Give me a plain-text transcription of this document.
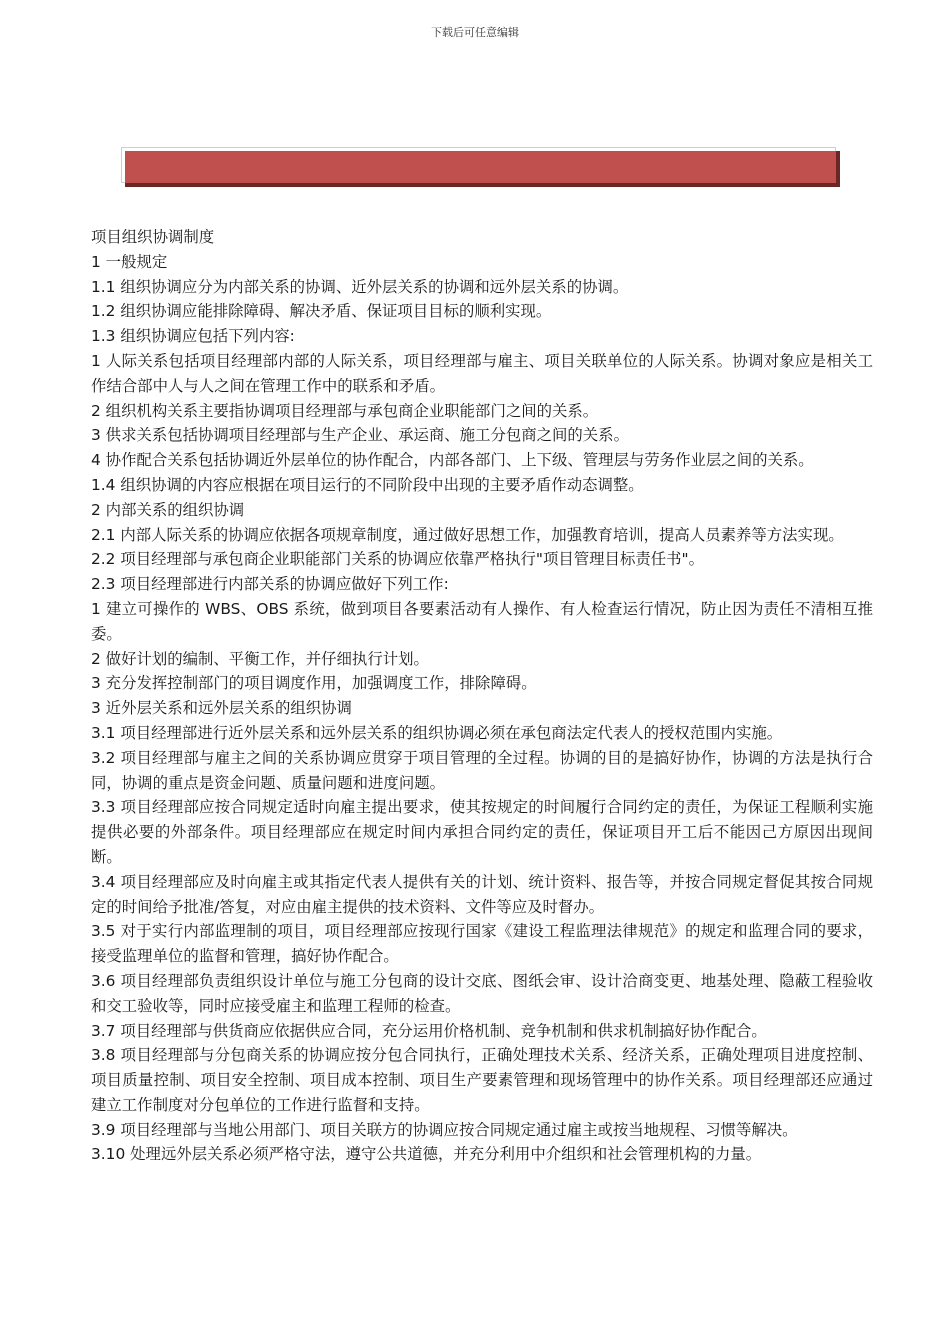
下载后可任意编辑

项目组织协调制度

1 一般规定

1.1 组织协调应分为内部关系的协调、近外层关系的协调和远外层关系的协调。

1.2 组织协调应能排除障碍、解决矛盾、保证项目目标的顺利实现。

1.3 组织协调应包括下列内容:

1 人际关系包括项目经理部内部的人际关系，项目经理部与雇主、项目关联单位的人际关系。协调对象应是相关工作结合部中人与人之间在管理工作中的联系和矛盾。

2 组织机构关系主要指协调项目经理部与承包商企业职能部门之间的关系。

3 供求关系包括协调项目经理部与生产企业、承运商、施工分包商之间的关系。

4 协作配合关系包括协调近外层单位的协作配合，内部各部门、上下级、管理层与劳务作业层之间的关系。

1.4 组织协调的内容应根据在项目运行的不同阶段中出现的主要矛盾作动态调整。

2 内部关系的组织协调

2.1 内部人际关系的协调应依据各项规章制度，通过做好思想工作，加强教育培训，提高人员素养等方法实现。

2.2 项目经理部与承包商企业职能部门关系的协调应依靠严格执行"项目管理目标责任书"。

2.3 项目经理部进行内部关系的协调应做好下列工作:

1 建立可操作的 WBS、OBS 系统，做到项目各要素活动有人操作、有人检查运行情况，防止因为责任不清相互推委。

2 做好计划的编制、平衡工作，并仔细执行计划。

3 充分发挥控制部门的项目调度作用，加强调度工作，排除障碍。

3 近外层关系和远外层关系的组织协调

3.1 项目经理部进行近外层关系和远外层关系的组织协调必须在承包商法定代表人的授权范围内实施。

3.2 项目经理部与雇主之间的关系协调应贯穿于项目管理的全过程。协调的目的是搞好协作，协调的方法是执行合同，协调的重点是资金问题、质量问题和进度问题。

3.3 项目经理部应按合同规定适时向雇主提出要求，使其按规定的时间履行合同约定的责任，为保证工程顺利实施提供必要的外部条件。项目经理部应在规定时间内承担合同约定的责任，保证项目开工后不能因己方原因出现间断。

3.4 项目经理部应及时向雇主或其指定代表人提供有关的计划、统计资料、报告等，并按合同规定督促其按合同规定的时间给予批准/答复，对应由雇主提供的技术资料、文件等应及时督办。

3.5 对于实行内部监理制的项目，项目经理部应按现行国家《建设工程监理法律规范》的规定和监理合同的要求，接受监理单位的监督和管理，搞好协作配合。

3.6 项目经理部负责组织设计单位与施工分包商的设计交底、图纸会审、设计洽商变更、地基处理、隐蔽工程验收和交工验收等，同时应接受雇主和监理工程师的检查。

3.7 项目经理部与供货商应依据供应合同，充分运用价格机制、竞争机制和供求机制搞好协作配合。

3.8 项目经理部与分包商关系的协调应按分包合同执行，正确处理技术关系、经济关系，正确处理项目进度控制、项目质量控制、项目安全控制、项目成本控制、项目生产要素管理和现场管理中的协作关系。项目经理部还应通过建立工作制度对分包单位的工作进行监督和支持。

3.9 项目经理部与当地公用部门、项目关联方的协调应按合同规定通过雇主或按当地规程、习惯等解决。

3.10 处理远外层关系必须严格守法，遵守公共道德，并充分利用中介组织和社会管理机构的力量。
